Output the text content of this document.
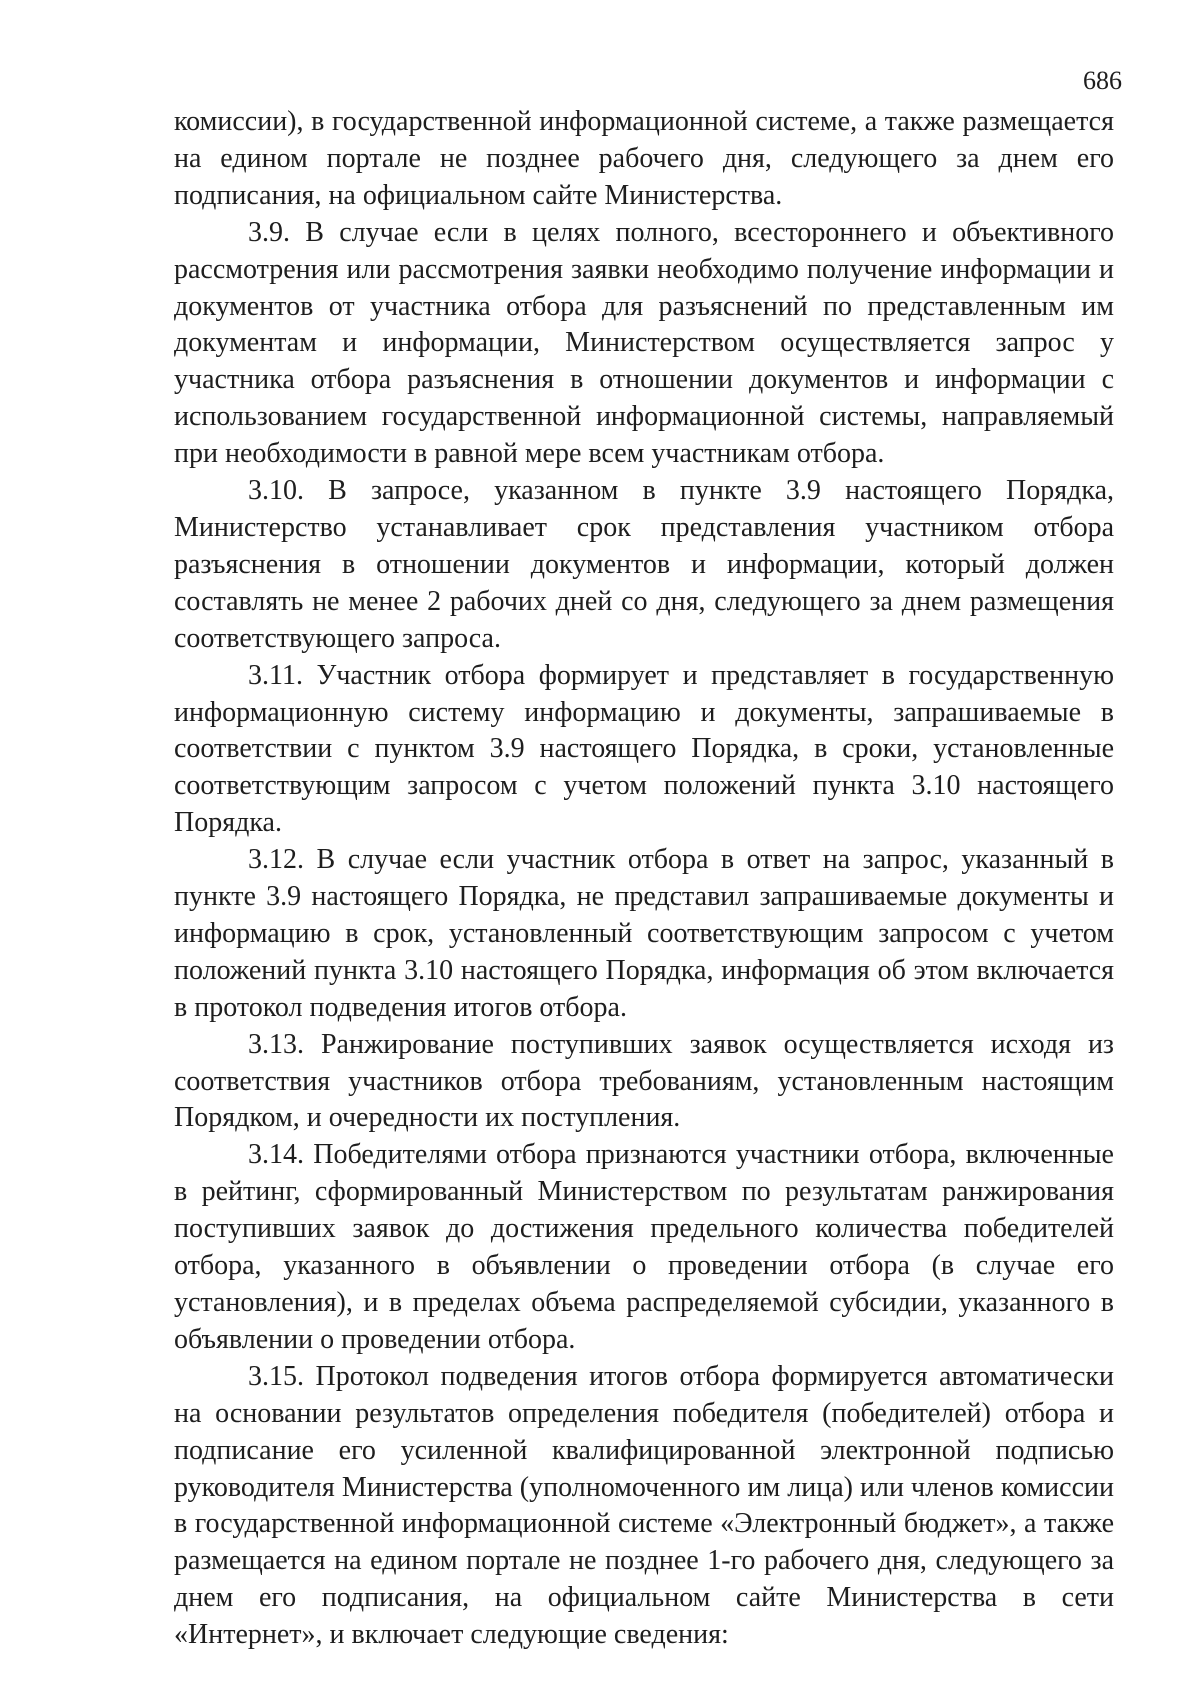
686

комиссии), в государственной информационной системе, а также размещается на едином портале не позднее рабочего дня, следующего за днем его подписания, на официальном сайте Министерства.

3.9. В случае если в целях полного, всестороннего и объективного рассмотрения или рассмотрения заявки необходимо получение информации и документов от участника отбора для разъяснений по представленным им документам и информации, Министерством осуществляется запрос у участника отбора разъяснения в отношении документов и информации с использованием государственной информационной системы, направляемый при необходимости в равной мере всем участникам отбора.

3.10. В запросе, указанном в пункте 3.9 настоящего Порядка, Министерство устанавливает срок представления участником отбора разъяснения в отношении документов и информации, который должен составлять не менее 2 рабочих дней со дня, следующего за днем размещения соответствующего запроса.

3.11. Участник отбора формирует и представляет в государственную информационную систему информацию и документы, запрашиваемые в соответствии с пунктом 3.9 настоящего Порядка, в сроки, установленные соответствующим запросом с учетом положений пункта 3.10 настоящего Порядка.

3.12. В случае если участник отбора в ответ на запрос, указанный в пункте 3.9 настоящего Порядка, не представил запрашиваемые документы и информацию в срок, установленный соответствующим запросом с учетом положений пункта 3.10 настоящего Порядка, информация об этом включается в протокол подведения итогов отбора.

3.13. Ранжирование поступивших заявок осуществляется исходя из соответствия участников отбора требованиям, установленным настоящим Порядком, и очередности их поступления.

3.14. Победителями отбора признаются участники отбора, включенные в рейтинг, сформированный Министерством по результатам ранжирования поступивших заявок до достижения предельного количества победителей отбора, указанного в объявлении о проведении отбора (в случае его установления), и в пределах объема распределяемой субсидии, указанного в объявлении о проведении отбора.

3.15. Протокол подведения итогов отбора формируется автоматически на основании результатов определения победителя (победителей) отбора и подписание его усиленной квалифицированной электронной подписью руководителя Министерства (уполномоченного им лица) или членов комиссии в государственной информационной системе «Электронный бюджет», а также размещается на едином портале не позднее 1-го рабочего дня, следующего за днем его подписания, на официальном сайте Министерства в сети «Интернет», и включает следующие сведения:
